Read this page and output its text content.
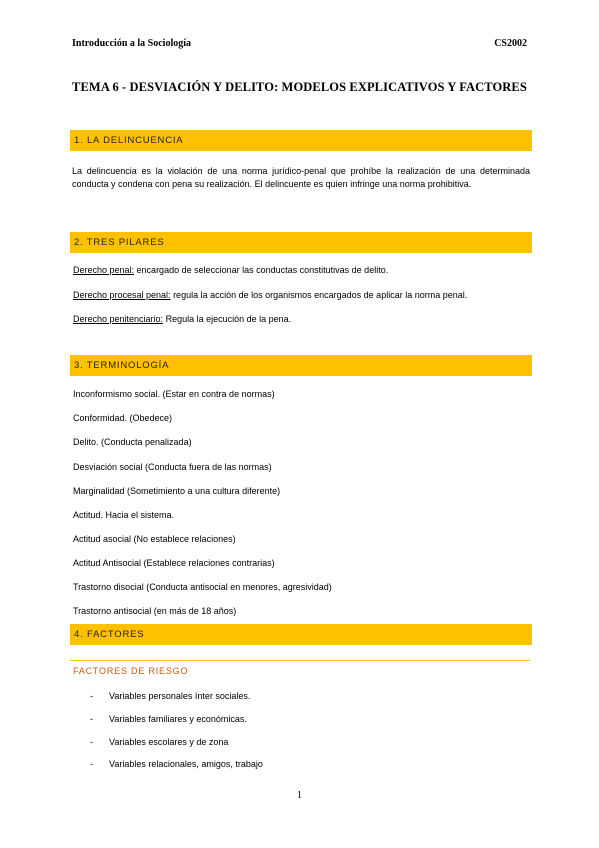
Introducción a la Sociología	CS2002
TEMA 6 - DESVIACIÓN Y DELITO: MODELOS EXPLICATIVOS Y FACTORES
1. LA DELINCUENCIA
La delincuencia es la violación de una norma jurídico-penal que prohíbe la realización de una determinada conducta y condena con pena su realización. El delincuente es quien infringe una norma prohibitiva.
2. TRES PILARES
Derecho penal: encargado de seleccionar las conductas constitutivas de delito.
Derecho procesal penal: regula la acción de los organismos encargados de aplicar la norma penal.
Derecho penitenciario: Regula la ejecución de la pena.
3. TERMINOLOGÍA
Inconformismo social. (Estar en contra de normas)
Conformidad. (Obedece)
Delito. (Conducta penalizada)
Desviación social (Conducta fuera de las normas)
Marginalidad (Sometimiento a una cultura diferente)
Actitud. Hacia el sistema.
Actitud asocial (No establece relaciones)
Actitud Antisocial (Establece relaciones contrarias)
Trastorno disocial (Conducta antisocial en menores, agresividad)
Trastorno antisocial (en más de 18 años)
4. FACTORES
FACTORES DE RIESGO
- Variables personales ínter sociales.
- Variables familiares y económicas.
- Variables escolares y de zona
- Variables relacionales, amigos, trabajo
1
